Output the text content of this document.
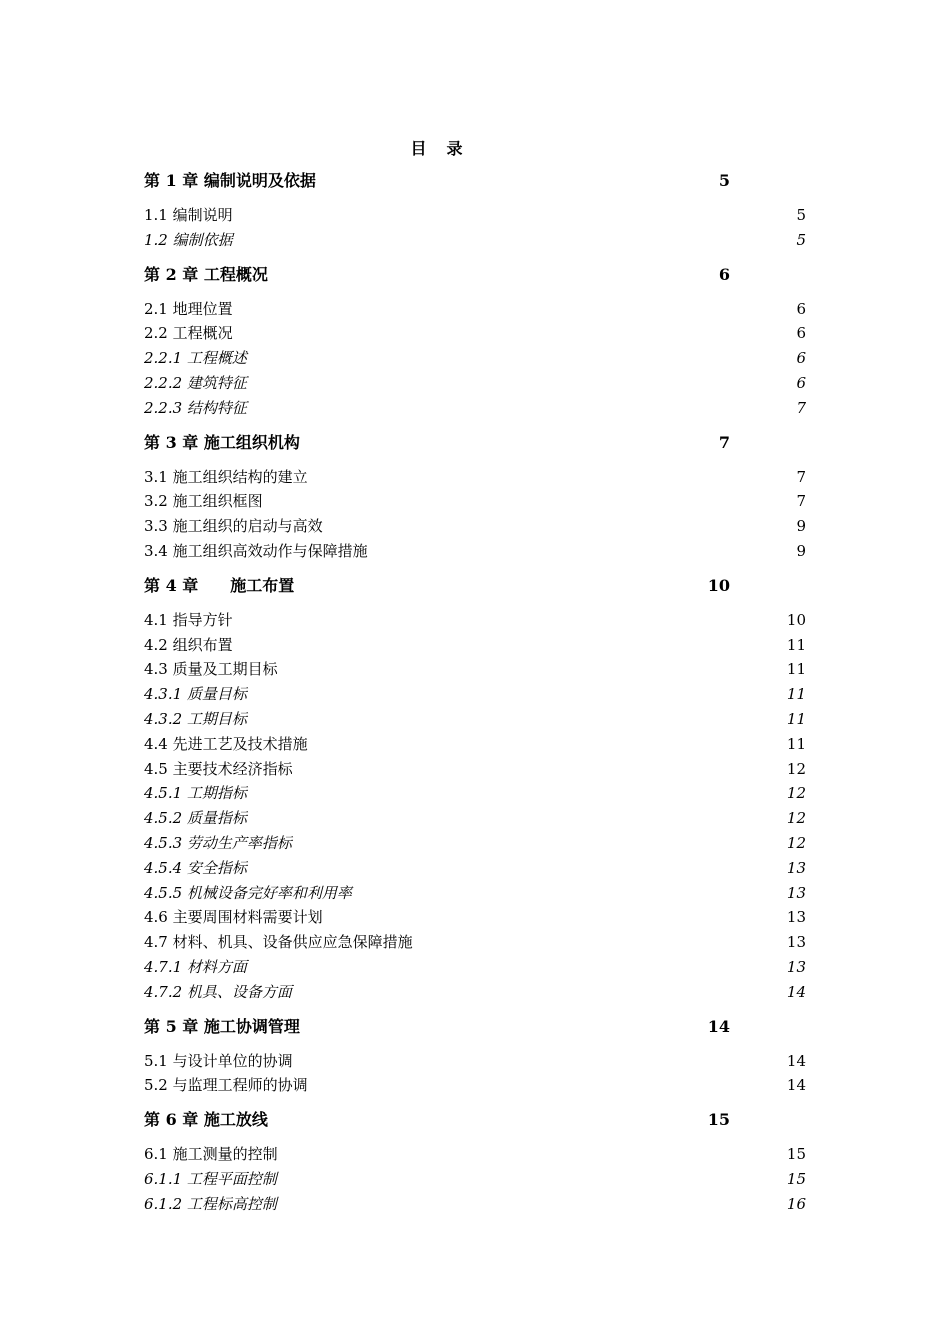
目　录
第 1 章 编制说明及依据	5
1.1 编制说明	5
1.2 编制依据	5
第 2 章 工程概况	6
2.1 地理位置	6
2.2 工程概况	6
2.2.1 工程概述	6
2.2.2 建筑特征	6
2.2.3 结构特征	7
第 3 章 施工组织机构	7
3.1 施工组织结构的建立	7
3.2 施工组织框图	7
3.3 施工组织的启动与高效	9
3.4 施工组织高效动作与保障措施	9
第 4 章　　施工布置	10
4.1 指导方针	10
4.2 组织布置	11
4.3 质量及工期目标	11
4.3.1 质量目标	11
4.3.2 工期目标	11
4.4 先进工艺及技术措施	11
4.5 主要技术经济指标	12
4.5.1 工期指标	12
4.5.2 质量指标	12
4.5.3 劳动生产率指标	12
4.5.4 安全指标	13
4.5.5 机械设备完好率和利用率	13
4.6 主要周围材料需要计划	13
4.7 材料、机具、设备供应应急保障措施	13
4.7.1 材料方面	13
4.7.2 机具、设备方面	14
第 5 章 施工协调管理	14
5.1 与设计单位的协调	14
5.2 与监理工程师的协调	14
第 6 章 施工放线	15
6.1 施工测量的控制	15
6.1.1 工程平面控制	15
6.1.2 工程标高控制	16
